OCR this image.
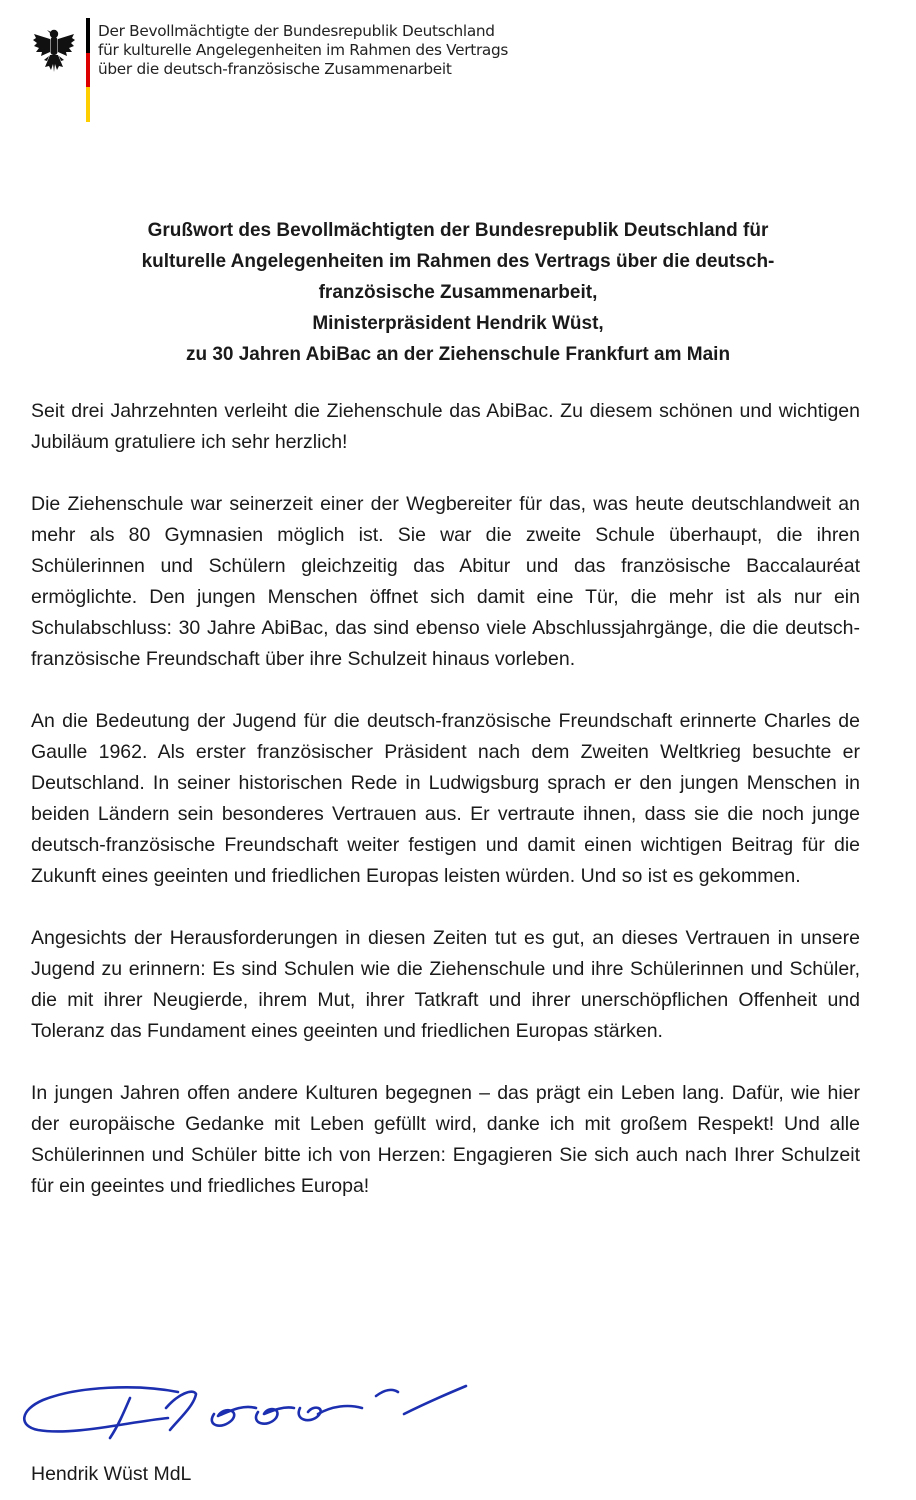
Der Bevollmächtigte der Bundesrepublik Deutschland
für kulturelle Angelegenheiten im Rahmen des Vertrags
über die deutsch-französische Zusammenarbeit
Grußwort des Bevollmächtigten der Bundesrepublik Deutschland für
kulturelle Angelegenheiten im Rahmen des Vertrags über die deutsch-
französische Zusammenarbeit,
Ministerpräsident Hendrik Wüst,
zu 30 Jahren AbiBac an der Ziehenschule Frankfurt am Main

Seit drei Jahrzehnten verleiht die Ziehenschule das AbiBac. Zu diesem schönen und wichtigen Jubiläum gratuliere ich sehr herzlich!

Die Ziehenschule war seinerzeit einer der Wegbereiter für das, was heute deutschlandweit an mehr als 80 Gymnasien möglich ist. Sie war die zweite Schule überhaupt, die ihren Schülerinnen und Schülern gleichzeitig das Abitur und das französische Baccalauréat ermöglichte. Den jungen Menschen öffnet sich damit eine Tür, die mehr ist als nur ein Schulabschluss: 30 Jahre AbiBac, das sind ebenso viele Abschlussjahrgänge, die die deutsch-französische Freundschaft über ihre Schulzeit hinaus vorleben.

An die Bedeutung der Jugend für die deutsch-französische Freundschaft erinnerte Charles de Gaulle 1962. Als erster französischer Präsident nach dem Zweiten Weltkrieg besuchte er Deutschland. In seiner historischen Rede in Ludwigsburg sprach er den jungen Menschen in beiden Ländern sein besonderes Vertrauen aus. Er vertraute ihnen, dass sie die noch junge deutsch-französische Freundschaft weiter festigen und damit einen wichtigen Beitrag für die Zukunft eines geeinten und friedlichen Europas leisten würden. Und so ist es gekommen.

Angesichts der Herausforderungen in diesen Zeiten tut es gut, an dieses Vertrauen in unsere Jugend zu erinnern: Es sind Schulen wie die Ziehenschule und ihre Schülerinnen und Schüler, die mit ihrer Neugierde, ihrem Mut, ihrer Tatkraft und ihrer unerschöpflichen Offenheit und Toleranz das Fundament eines geeinten und friedlichen Europas stärken.

In jungen Jahren offen andere Kulturen begegnen – das prägt ein Leben lang. Dafür, wie hier der europäische Gedanke mit Leben gefüllt wird, danke ich mit großem Respekt! Und alle Schülerinnen und Schüler bitte ich von Herzen: Engagieren Sie sich auch nach Ihrer Schulzeit für ein geeintes und friedliches Europa!

Hendrik Wüst MdL
